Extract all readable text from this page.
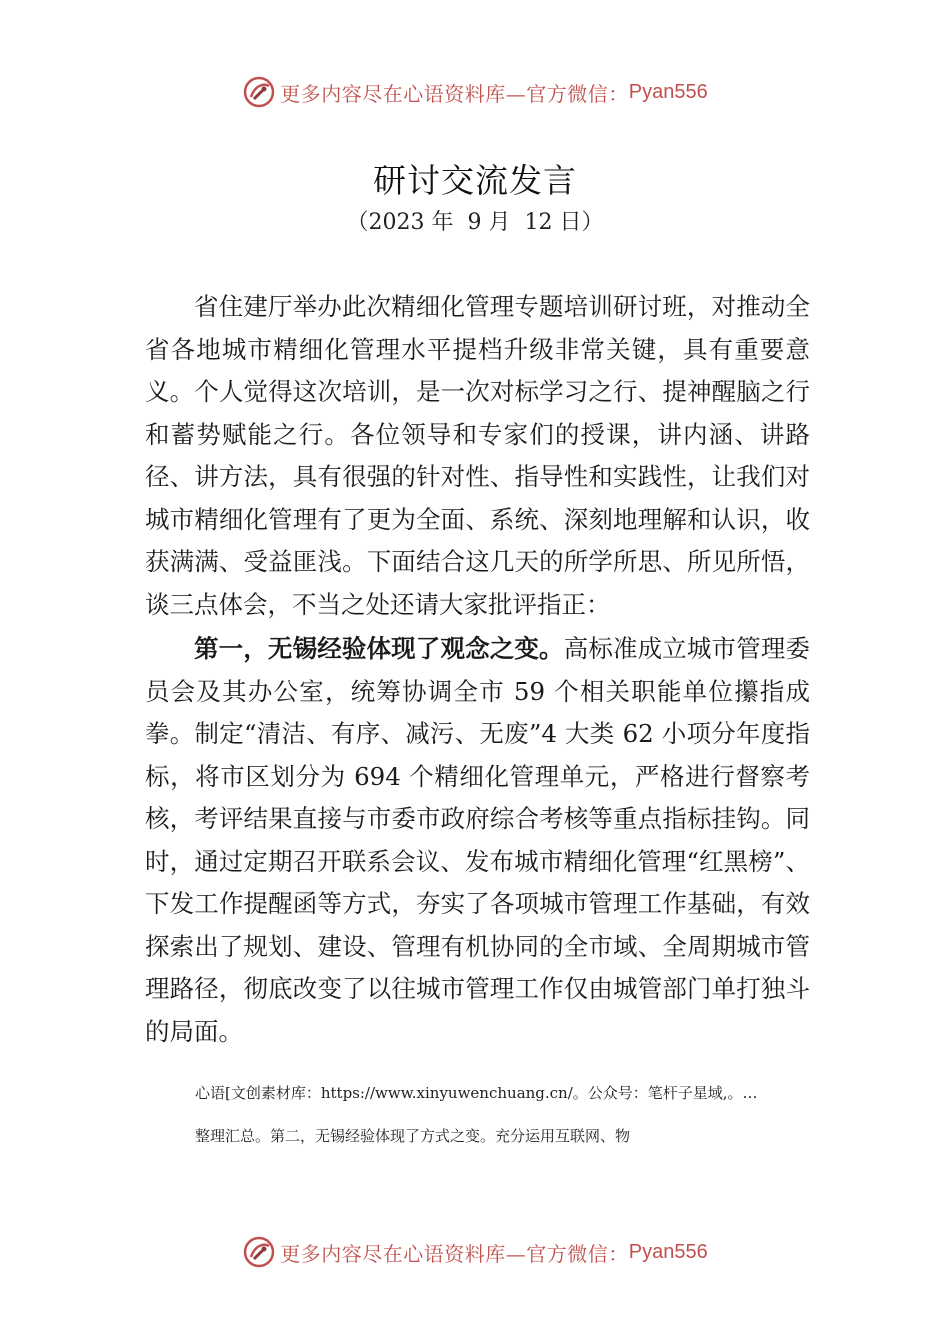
更多内容尽在心语资料库—官方微信： Pyan556
研讨交流发言
（2023 年  9 月  12 日）

省住建厅举办此次精细化管理专题培训研讨班，对推动全省各地城市精细化管理水平提档升级非常关键，具有重要意义。个人觉得这次培训，是一次对标学习之行、提神醒脑之行和蓄势赋能之行。各位领导和专家们的授课，讲内涵、讲路径、讲方法，具有很强的针对性、指导性和实践性，让我们对城市精细化管理有了更为全面、系统、深刻地理解和认识，收获满满、受益匪浅。下面结合这几天的所学所思、所见所悟，谈三点体会，不当之处还请大家批评指正：

第一，无锡经验体现了观念之变。高标准成立城市管理委员会及其办公室，统筹协调全市 59 个相关职能单位攥指成拳。制定“清洁、有序、减污、无废”4 大类 62 小项分年度指标，将市区划分为 694 个精细化管理单元，严格进行督察考核，考评结果直接与市委市政府综合考核等重点指标挂钩。同时，通过定期召开联系会议、发布城市精细化管理“红黑榜”、下发工作提醒函等方式，夯实了各项城市管理工作基础，有效探索出了规划、建设、管理有机协同的全市域、全周期城市管理路径，彻底改变了以往城市管理工作仅由城管部门单打独斗的局面。

心语[文创素材库：https://www.xinyuwenchuang.cn/。公众号：笔杆子星域,。…
整理汇总。第二，无锡经验体现了方式之变。充分运用互联网、物
更多内容尽在心语资料库—官方微信： Pyan556
